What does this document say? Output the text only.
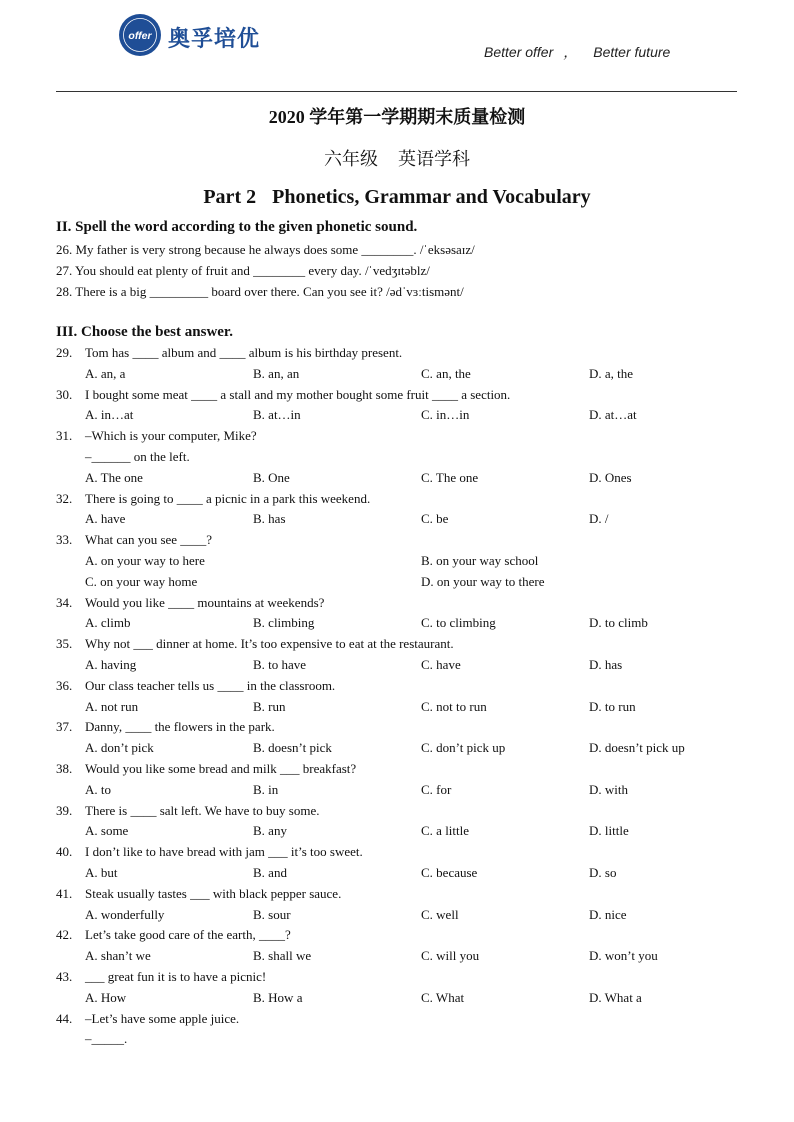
offer 奥孚培优	Better offer ， Better future
2020 学年第一学期期末质量检测
六年级 英语学科
Part 2 Phonetics, Grammar and Vocabulary
II. Spell the word according to the given phonetic sound.
26. My father is very strong because he always does some ________. /ˈeksəsaɪz/
27. You should eat plenty of fruit and ________ every day. /ˈvedʒɪtəblz/
28. There is a big _________ board over there. Can you see it? /ədˈvɜːtismənt/
III. Choose the best answer.
29. Tom has ____ album and ____ album is his birthday present.
A. an, a	B. an, an	C. an, the	D. a, the
30. I bought some meat ____ a stall and my mother bought some fruit ____ a section.
A. in…at	B. at…in	C. in…in	D. at…at
31. –Which is your computer, Mike?
–______ on the left.
A. The one	B. One	C. The one	D. Ones
32. There is going to ____ a picnic in a park this weekend.
A. have	B. has	C. be	D. /
33. What can you see ____?
A. on your way to here	B. on your way school
C. on your way home	D. on your way to there
34. Would you like ____ mountains at weekends?
A. climb	B. climbing	C. to climbing	D. to climb
35. Why not ___ dinner at home. It’s too expensive to eat at the restaurant.
A. having	B. to have	C. have	D. has
36. Our class teacher tells us ____ in the classroom.
A. not run	B. run	C. not to run	D. to run
37. Danny, ____ the flowers in the park.
A. don’t pick	B. doesn’t pick	C. don’t pick up	D. doesn’t pick up
38. Would you like some bread and milk ___ breakfast?
A. to	B. in	C. for	D. with
39. There is ____ salt left. We have to buy some.
A. some	B. any	C. a little	D. little
40. I don’t like to have bread with jam ___ it’s too sweet.
A. but	B. and	C. because	D. so
41. Steak usually tastes ___ with black pepper sauce.
A. wonderfully	B. sour	C. well	D. nice
42. Let’s take good care of the earth, ____?
A. shan’t we	B. shall we	C. will you	D. won’t you
43. ___ great fun it is to have a picnic!
A. How	B. How a	C. What	D. What a
44. –Let’s have some apple juice.
–_____.
